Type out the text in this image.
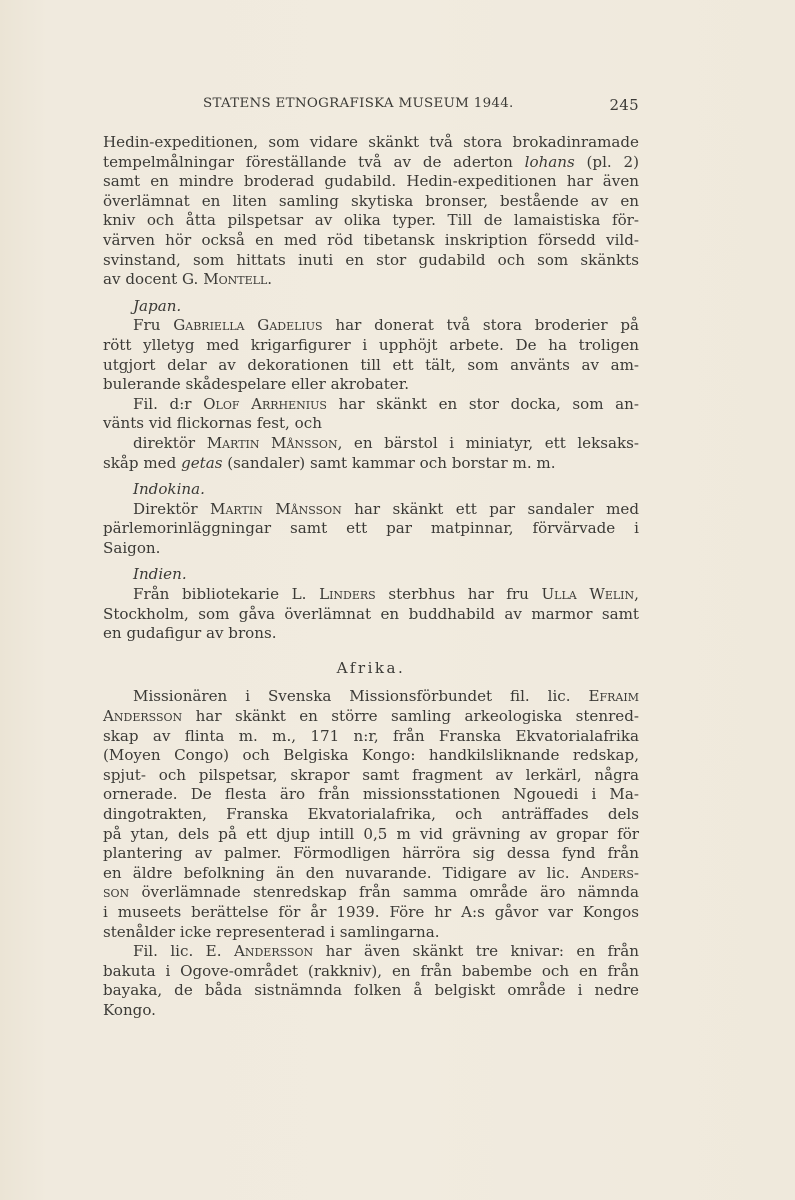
STATENS ETNOGRAFISKA MUSEUM 1944.	245
Hedin-expeditionen, som vidare skänkt två stora brokadinramade
tempelmålningar föreställande två av de aderton lohans (pl. 2)
samt en mindre broderad gudabild. Hedin-expeditionen har även
överlämnat en liten samling skytiska bronser, bestående av en
kniv och åtta pilspetsar av olika typer. Till de lamaistiska för-
värven hör också en med röd tibetansk inskription försedd vild-
svinstand, som hittats inuti en stor gudabild och som skänkts
av docent G. Montell.
Japan.
Fru Gabriella Gadelius har donerat två stora broderier på
rött ylletyg med krigarfigurer i upphöjt arbete. De ha troligen
utgjort delar av dekorationen till ett tält, som använts av am-
bulerande skådespelare eller akrobater.
Fil. d:r Olof Arrhenius har skänkt en stor docka, som an-
vänts vid flickornas fest, och
direktör Martin Månsson, en bärstol i miniatyr, ett leksaks-
skåp med getas (sandaler) samt kammar och borstar m. m.
Indokina.
Direktör Martin Månsson har skänkt ett par sandaler med
pärlemorinläggningar samt ett par matpinnar, förvärvade i
Saigon.
Indien.
Från bibliotekarie L. Linders sterbhus har fru Ulla Welin,
Stockholm, som gåva överlämnat en buddhabild av marmor samt
en gudafigur av brons.
Afrika.
Missionären i Svenska Missionsförbundet fil. lic. Efraim
Andersson har skänkt en större samling arkeologiska stenred-
skap av flinta m. m., 171 n:r, från Franska Ekvatorialafrika
(Moyen Congo) och Belgiska Kongo: handkilsliknande redskap,
spjut- och pilspetsar, skrapor samt fragment av lerkärl, några
ornerade. De flesta äro från missionsstationen Ngouedi i Ma-
dingotrakten, Franska Ekvatorialafrika, och anträffades dels
på ytan, dels på ett djup intill 0,5 m vid grävning av gropar för
plantering av palmer. Förmodligen härröra sig dessa fynd från
en äldre befolkning än den nuvarande. Tidigare av lic. Anders-
son överlämnade stenredskap från samma område äro nämnda
i museets berättelse för år 1939. Före hr A:s gåvor var Kongos
stenålder icke representerad i samlingarna.
Fil. lic. E. Andersson har även skänkt tre knivar: en från
bakuta i Ogove-området (rakkniv), en från babembe och en från
bayaka, de båda sistnämnda folken å belgiskt område i nedre
Kongo.
